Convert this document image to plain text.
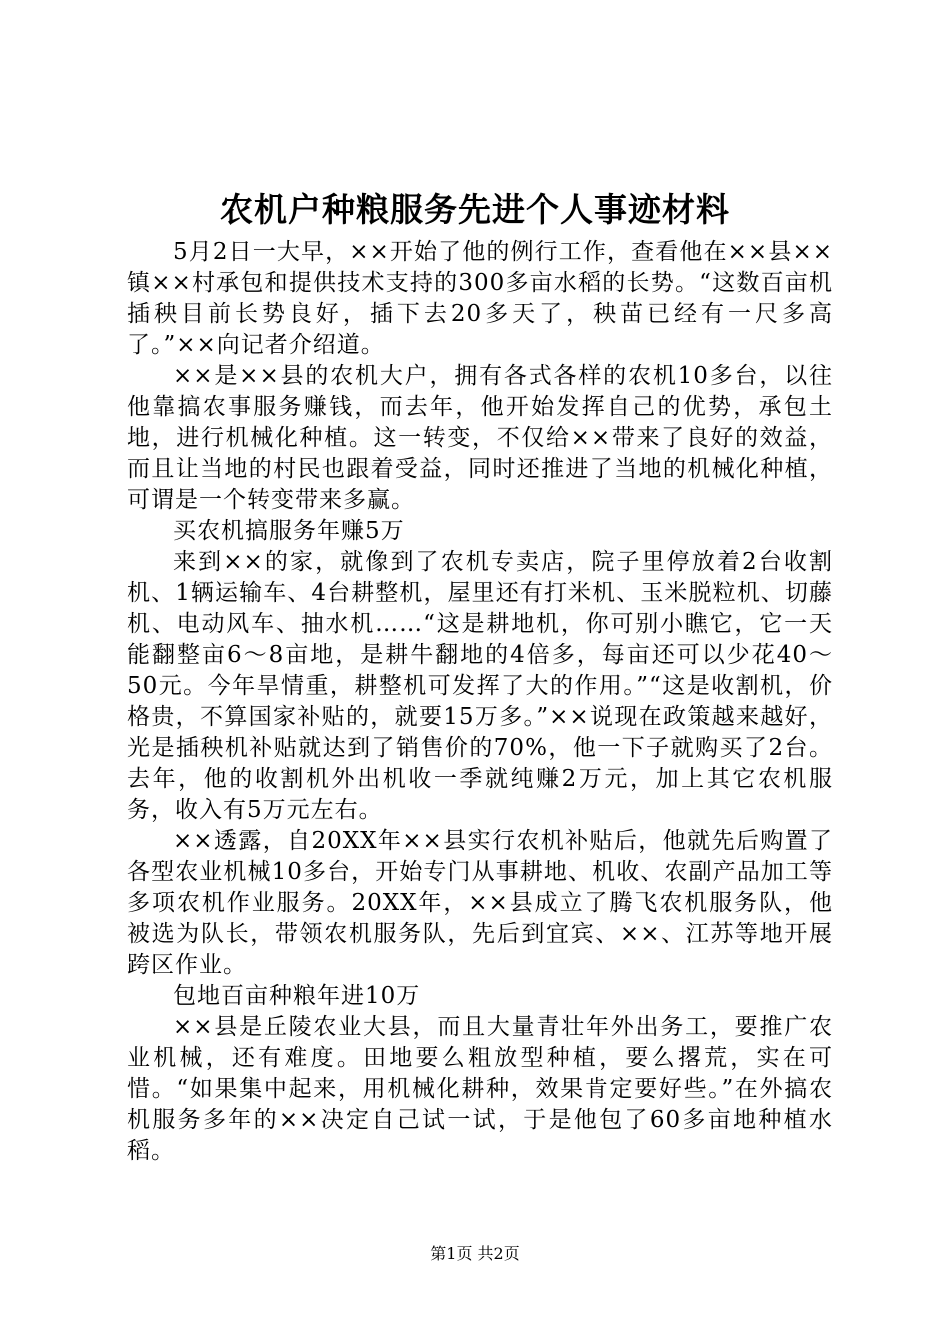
农机户种粮服务先进个人事迹材料

5月2日一大早，××开始了他的例行工作，查看他在××县××镇××村承包和提供技术支持的300多亩水稻的长势。“这数百亩机插秧目前长势良好，插下去20多天了，秧苗已经有一尺多高了。”××向记者介绍道。

××是××县的农机大户，拥有各式各样的农机10多台，以往他靠搞农事服务赚钱，而去年，他开始发挥自己的优势，承包土地，进行机械化种植。这一转变，不仅给××带来了良好的效益，而且让当地的村民也跟着受益，同时还推进了当地的机械化种植，可谓是一个转变带来多赢。

买农机搞服务年赚5万

来到××的家，就像到了农机专卖店，院子里停放着2台收割机、1辆运输车、4台耕整机，屋里还有打米机、玉米脱粒机、切藤机、电动风车、抽水机……“这是耕地机，你可别小瞧它，它一天能翻整亩6～8亩地，是耕牛翻地的4倍多，每亩还可以少花40～50元。今年旱情重，耕整机可发挥了大的作用。”“这是收割机，价格贵，不算国家补贴的，就要15万多。”××说现在政策越来越好，光是插秧机补贴就达到了销售价的70%，他一下子就购买了2台。去年，他的收割机外出机收一季就纯赚2万元，加上其它农机服务，收入有5万元左右。

××透露，自20XX年××县实行农机补贴后，他就先后购置了各型农业机械10多台，开始专门从事耕地、机收、农副产品加工等多项农机作业服务。20XX年，××县成立了腾飞农机服务队，他被选为队长，带领农机服务队，先后到宜宾、××、江苏等地开展跨区作业。

包地百亩种粮年进10万

××县是丘陵农业大县，而且大量青壮年外出务工，要推广农业机械，还有难度。田地要么粗放型种植，要么撂荒，实在可惜。“如果集中起来，用机械化耕种，效果肯定要好些。”在外搞农机服务多年的××决定自己试一试，于是他包了60多亩地种植水稻。

第1页 共2页
